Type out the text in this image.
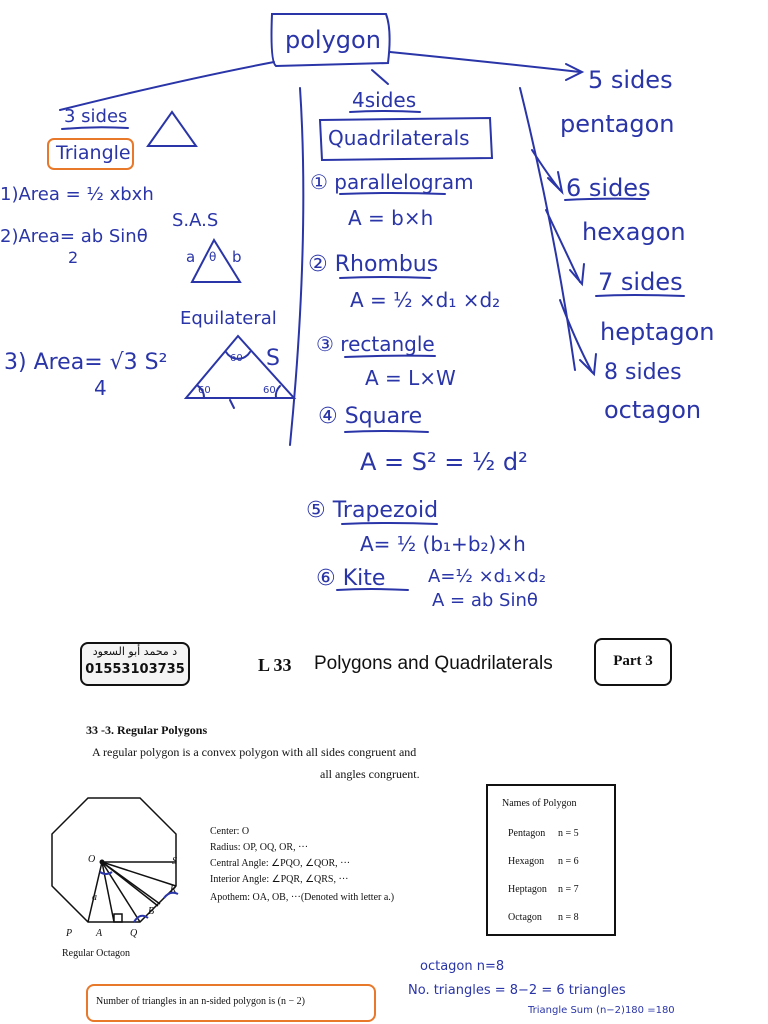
polygon
3 sides
Triangle
1)Area = ½ xbxh
2)Area= ab Sinθ
2
S.A.S
a θ b
Equilateral
60
60	60
S
3) Area= √3 S²
4
4sides
Quadrilaterals
① parallelogram
A = b×h
② Rhombus
A = ½ ×d₁ ×d₂
③ rectangle
A = L×W
④ Square
A = S² = ½ d²
⑤ Trapezoid
A= ½ (b₁+b₂)×h
⑥ Kite A=½ ×d₁×d₂
A = ab Sinθ
5 sides
pentagon
6 sides
hexagon
7 sides
heptagon
8 sides
octagon
د محمد أبو السعود
01553103735	L 33 Polygons and Quadrilaterals	Part 3
33 -3. Regular Polygons
A regular polygon is a convex polygon with all sides congruent and
all angles congruent.
O	S
R
B
a
P A	Q
Regular Octagon
Center: O
Radius: OP, OQ, OR, ···
Central Angle: ∠PQO, ∠QOR, ···
Interior Angle: ∠PQR, ∠QRS, ···
Apothem: OA, OB, ···(Denoted with letter a.)
Names of Polygon
Pentagon n = 5
Hexagon n = 6
Heptagon n = 7
Octagon n = 8
octagon n=8
No. triangles = 8−2 = 6 triangles
Triangle Sum (n−2)180 =180
Number of triangles in an n-sided polygon is (n − 2)
